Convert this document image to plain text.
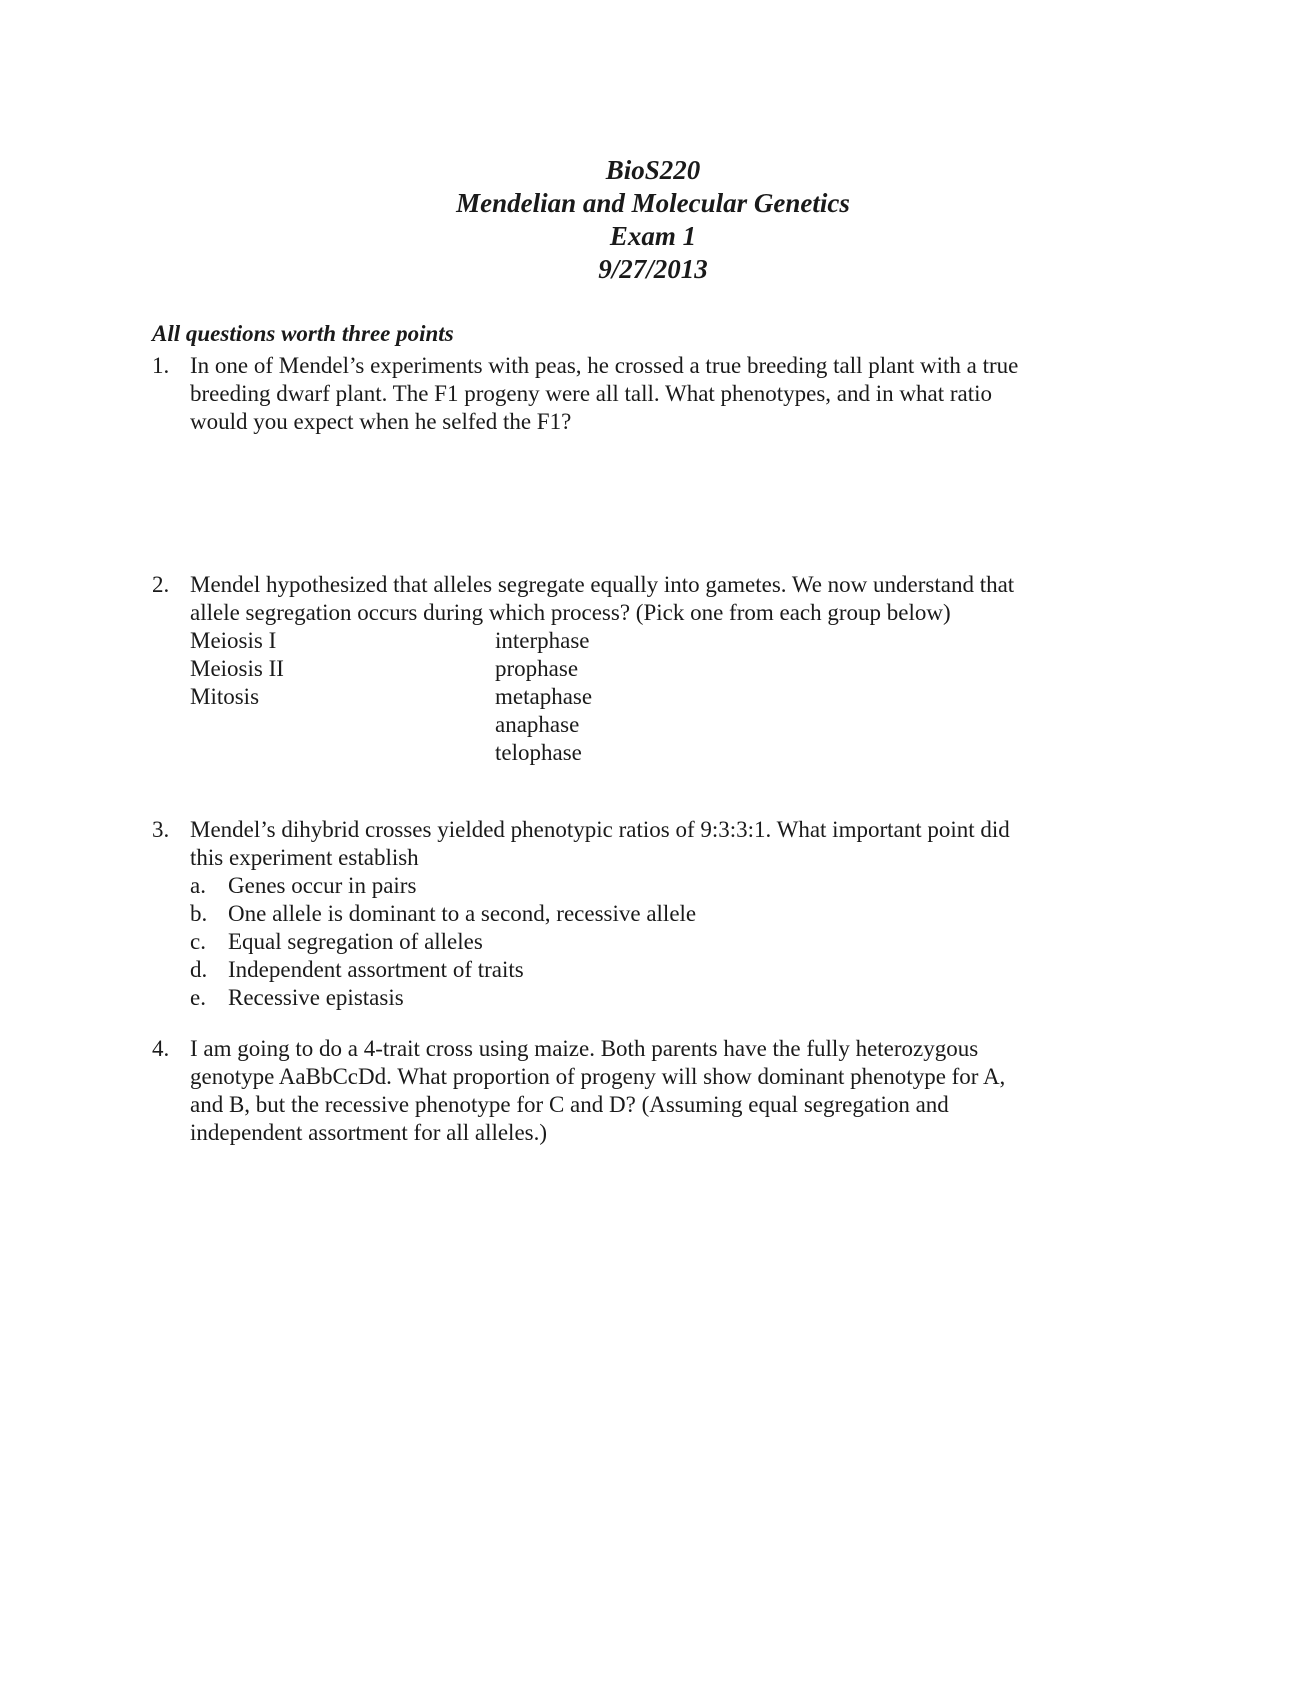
BioS220
Mendelian and Molecular Genetics
Exam 1
9/27/2013
All questions worth three points
1. In one of Mendel’s experiments with peas, he crossed a true breeding tall plant with a true
breeding dwarf plant. The F1 progeny were all tall. What phenotypes, and in what ratio
would you expect when he selfed the F1?
2. Mendel hypothesized that alleles segregate equally into gametes. We now understand that
allele segregation occurs during which process? (Pick one from each group below)
Meiosis I
Meiosis II
Mitosis
interphase
prophase
metaphase
anaphase
telophase
3. Mendel’s dihybrid crosses yielded phenotypic ratios of 9:3:3:1. What important point did
this experiment establish
a. Genes occur in pairs
b. One allele is dominant to a second, recessive allele
c. Equal segregation of alleles
d. Independent assortment of traits
e. Recessive epistasis
4. I am going to do a 4-trait cross using maize. Both parents have the fully heterozygous
genotype AaBbCcDd. What proportion of progeny will show dominant phenotype for A,
and B, but the recessive phenotype for C and D? (Assuming equal segregation and
independent assortment for all alleles.)
